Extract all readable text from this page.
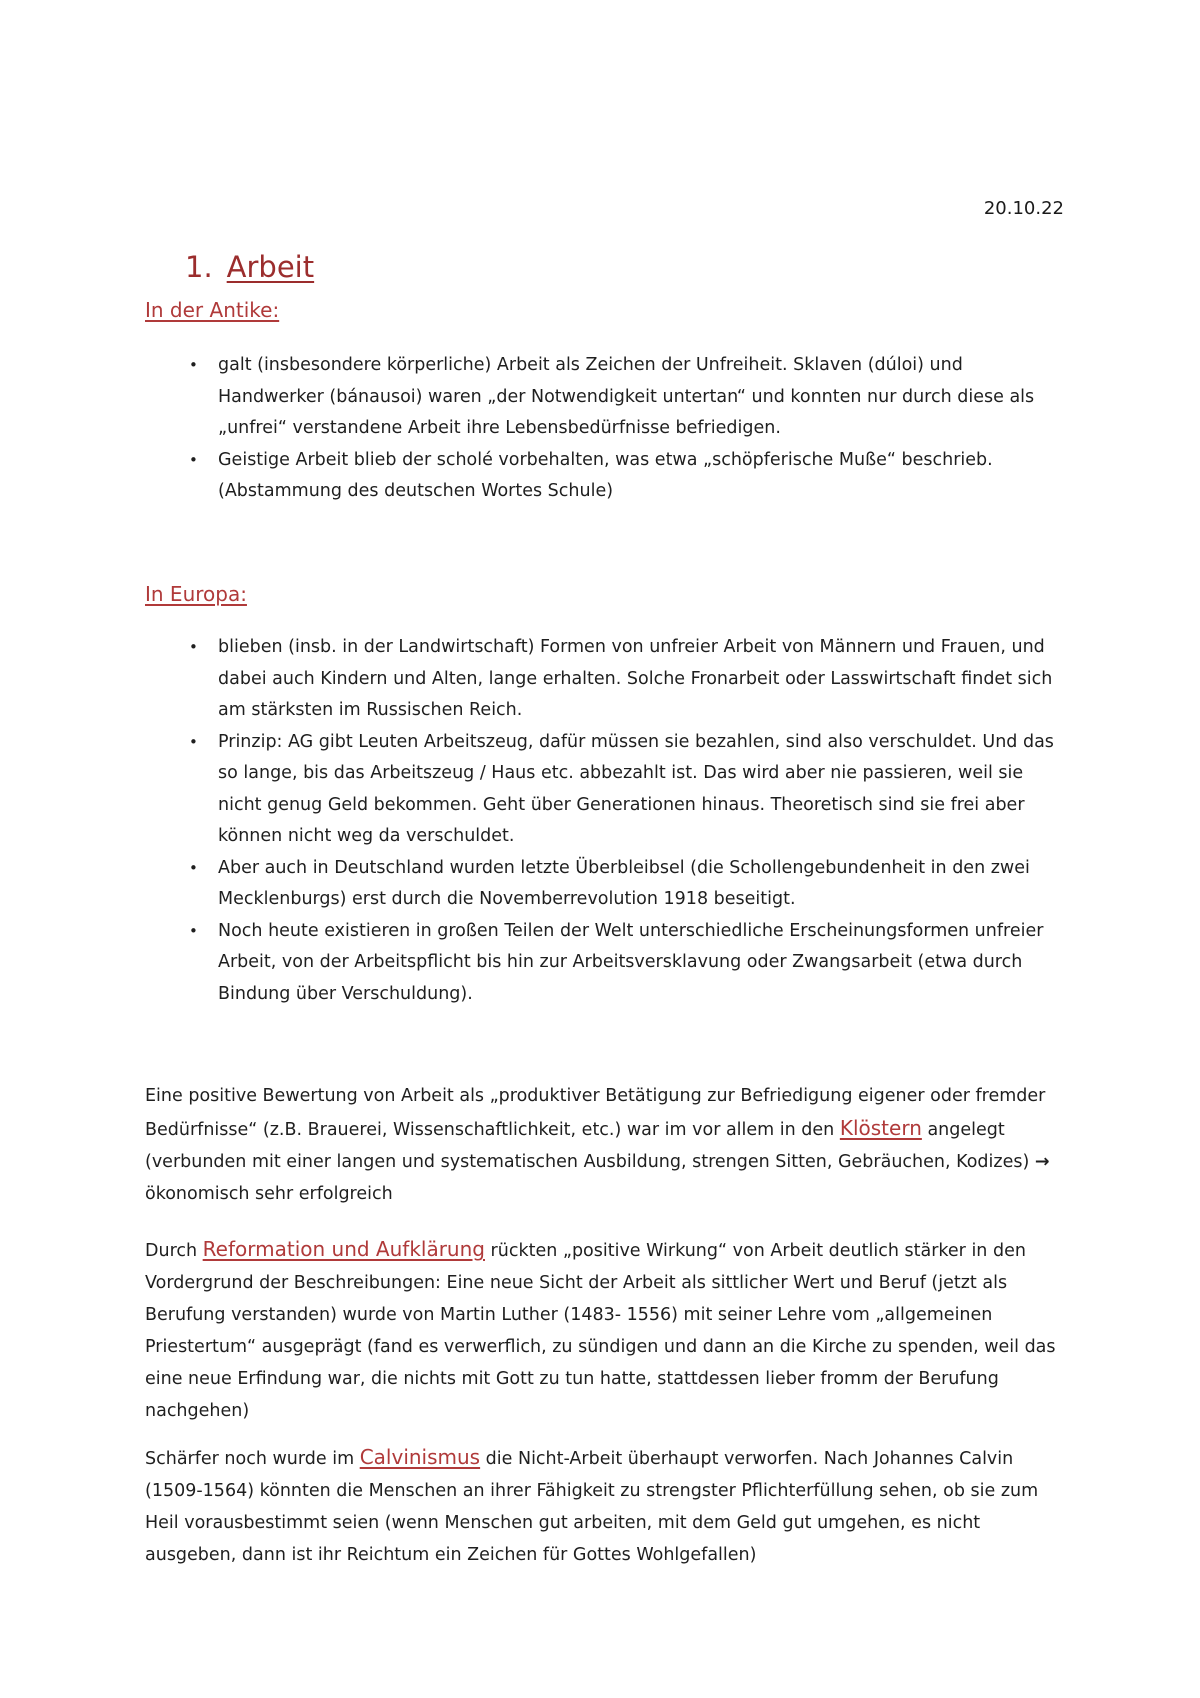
20.10.22
1. Arbeit
In der Antike:
• galt (insbesondere körperliche) Arbeit als Zeichen der Unfreiheit. Sklaven (dúloi) und Handwerker (bánausoi) waren „der Notwendigkeit untertan“ und konnten nur durch diese als „unfrei“ verstandene Arbeit ihre Lebensbedürfnisse befriedigen.
• Geistige Arbeit blieb der scholé vorbehalten, was etwa „schöpferische Muße“ beschrieb. (Abstammung des deutschen Wortes Schule)
In Europa:
• blieben (insb. in der Landwirtschaft) Formen von unfreier Arbeit von Männern und Frauen, und dabei auch Kindern und Alten, lange erhalten. Solche Fronarbeit oder Lasswirtschaft findet sich am stärksten im Russischen Reich.
• Prinzip: AG gibt Leuten Arbeitszeug, dafür müssen sie bezahlen, sind also verschuldet. Und das so lange, bis das Arbeitszeug / Haus etc. abbezahlt ist. Das wird aber nie passieren, weil sie nicht genug Geld bekommen. Geht über Generationen hinaus. Theoretisch sind sie frei aber können nicht weg da verschuldet.
• Aber auch in Deutschland wurden letzte Überbleibsel (die Schollengebundenheit in den zwei Mecklenburgs) erst durch die Novemberrevolution 1918 beseitigt.
• Noch heute existieren in großen Teilen der Welt unterschiedliche Erscheinungsformen unfreier Arbeit, von der Arbeitspflicht bis hin zur Arbeitsversklavung oder Zwangsarbeit (etwa durch Bindung über Verschuldung).

Eine positive Bewertung von Arbeit als „produktiver Betätigung zur Befriedigung eigener oder fremder Bedürfnisse“ (z.B. Brauerei, Wissenschaftlichkeit, etc.) war im vor allem in den Klöstern angelegt (verbunden mit einer langen und systematischen Ausbildung, strengen Sitten, Gebräuchen, Kodizes) → ökonomisch sehr erfolgreich

Durch Reformation und Aufklärung rückten „positive Wirkung“ von Arbeit deutlich stärker in den Vordergrund der Beschreibungen: Eine neue Sicht der Arbeit als sittlicher Wert und Beruf (jetzt als Berufung verstanden) wurde von Martin Luther (1483- 1556) mit seiner Lehre vom „allgemeinen Priestertum“ ausgeprägt (fand es verwerflich, zu sündigen und dann an die Kirche zu spenden, weil das eine neue Erfindung war, die nichts mit Gott zu tun hatte, stattdessen lieber fromm der Berufung nachgehen)

Schärfer noch wurde im Calvinismus die Nicht-Arbeit überhaupt verworfen. Nach Johannes Calvin (1509-1564) könnten die Menschen an ihrer Fähigkeit zu strengster Pflichterfüllung sehen, ob sie zum Heil vorausbestimmt seien (wenn Menschen gut arbeiten, mit dem Geld gut umgehen, es nicht ausgeben, dann ist ihr Reichtum ein Zeichen für Gottes Wohlgefallen)
